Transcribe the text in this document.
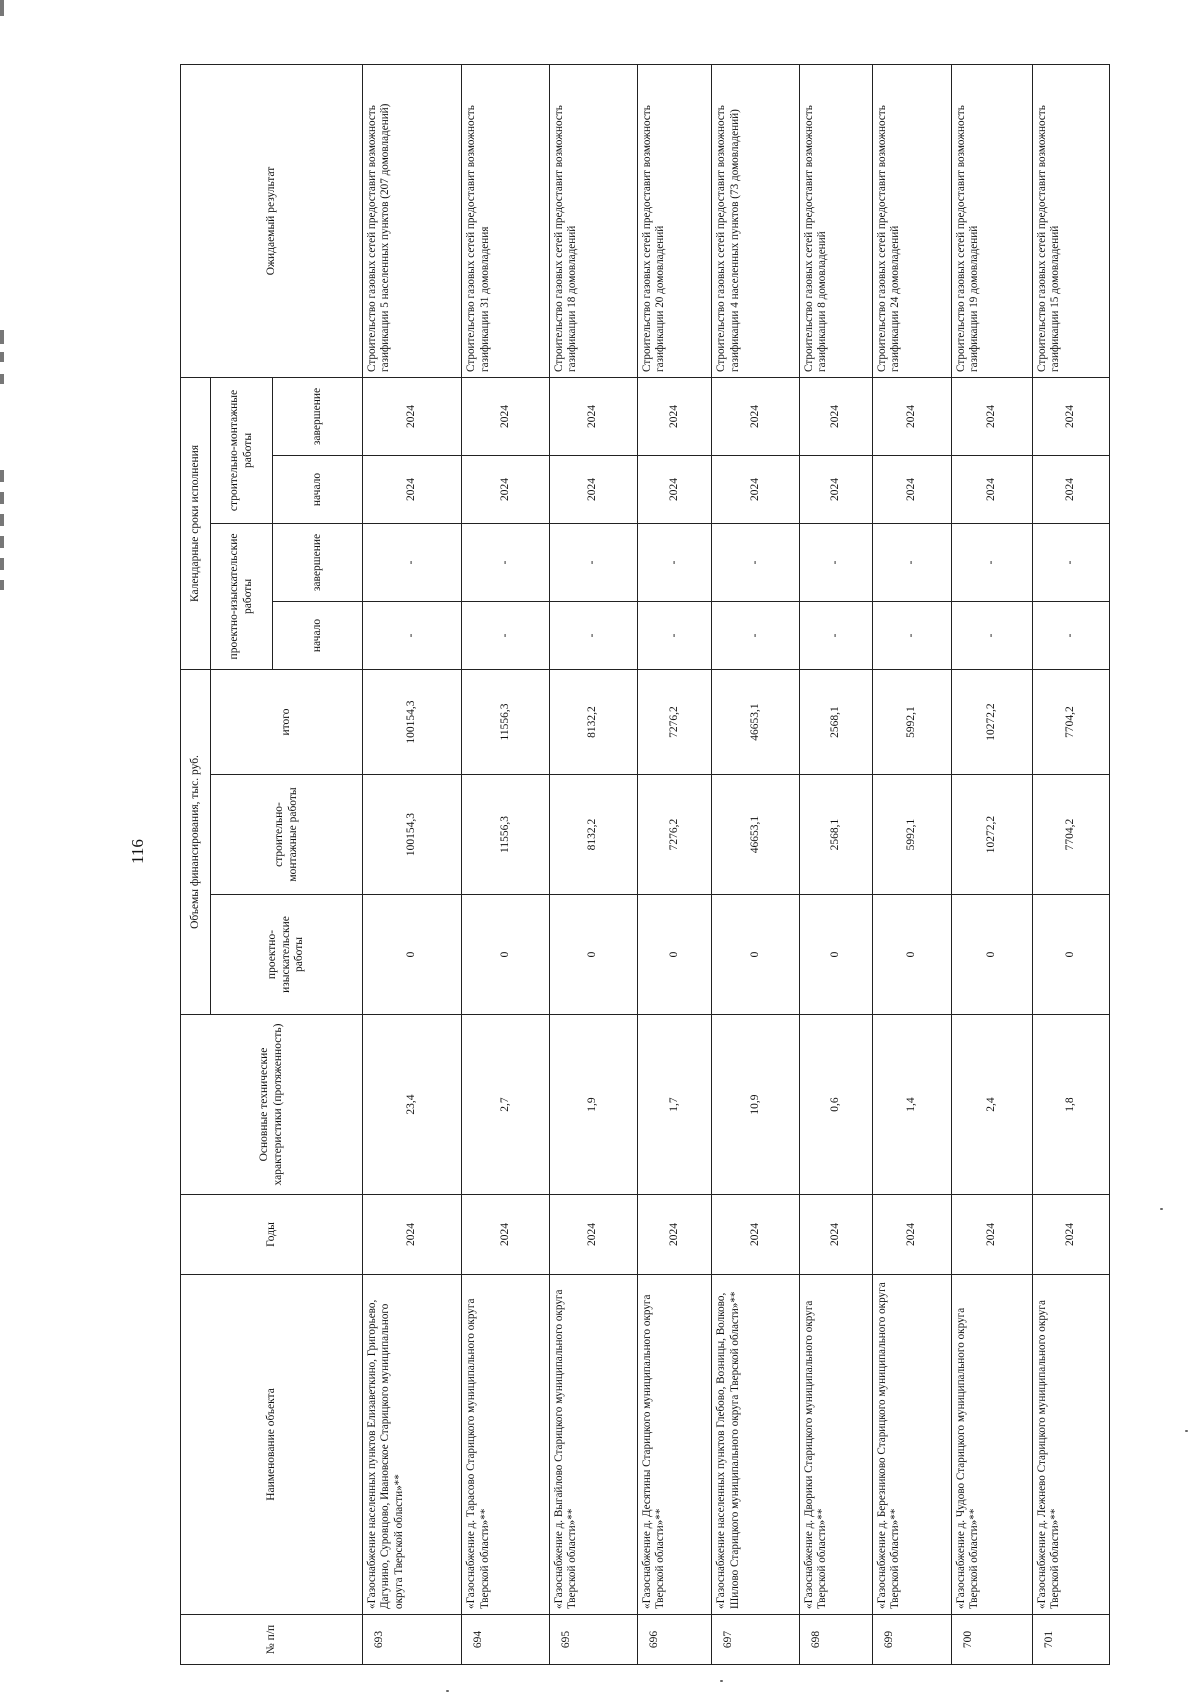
116
№ п/п	Наименование объекта	Годы	Основные технические характеристики (протяженность)	Объемы финансирования, тыс. руб.			Календарные сроки исполнения				Ожидаемый результат
				проектно-изыскательские работы	строительно-монтажные работы	итого	проектно-изыскательские работы		строительно-монтажные работы		
							начало	завершение	начало	завершение	
693	«Газоснабжение населенных пунктов Елизаветкино, Григорьево, Дагунино, Суровцово, Ивановское Старицкого муниципального округа Тверской области»**	2024	23,4	0	100154,3	100154,3	-	-	2024	2024	Строительство газовых сетей предоставит возможность газификации 5 населенных пунктов (207 домовладений)
694	«Газоснабжение д. Тарасово Старицкого муниципального округа Тверской области»**	2024	2,7	0	11556,3	11556,3	-	-	2024	2024	Строительство газовых сетей предоставит возможность газификации 31 домовладения
695	«Газоснабжение д. Выгайлово Старицкого муниципального округа Тверской области»**	2024	1,9	0	8132,2	8132,2	-	-	2024	2024	Строительство газовых сетей предоставит возможность газификации 18 домовладений
696	«Газоснабжение д. Десятины Старицкого муниципального округа Тверской области»**	2024	1,7	0	7276,2	7276,2	-	-	2024	2024	Строительство газовых сетей предоставит возможность газификации 20 домовладений
697	«Газоснабжение населенных пунктов Глебово, Возницы, Волково, Шилово Старицкого муниципального округа Тверской области»**	2024	10,9	0	46653,1	46653,1	-	-	2024	2024	Строительство газовых сетей предоставит возможность газификации 4 населенных пунктов (73 домовладений)
698	«Газоснабжение д. Дворики Старицкого муниципального округа Тверской области»**	2024	0,6	0	2568,1	2568,1	-	-	2024	2024	Строительство газовых сетей предоставит возможность газификации 8 домовладений
699	«Газоснабжение д. Березниково Старицкого муниципального округа Тверской области»**	2024	1,4	0	5992,1	5992,1	-	-	2024	2024	Строительство газовых сетей предоставит возможность газификации 24 домовладений
700	«Газоснабжение д. Чудово Старицкого муниципального округа Тверской области»**	2024	2,4	0	10272,2	10272,2	-	-	2024	2024	Строительство газовых сетей предоставит возможность газификации 19 домовладений
701	«Газоснабжение д. Лежнево Старицкого муниципального округа Тверской области»**	2024	1,8	0	7704,2	7704,2	-	-	2024	2024	Строительство газовых сетей предоставит возможность газификации 15 домовладений
